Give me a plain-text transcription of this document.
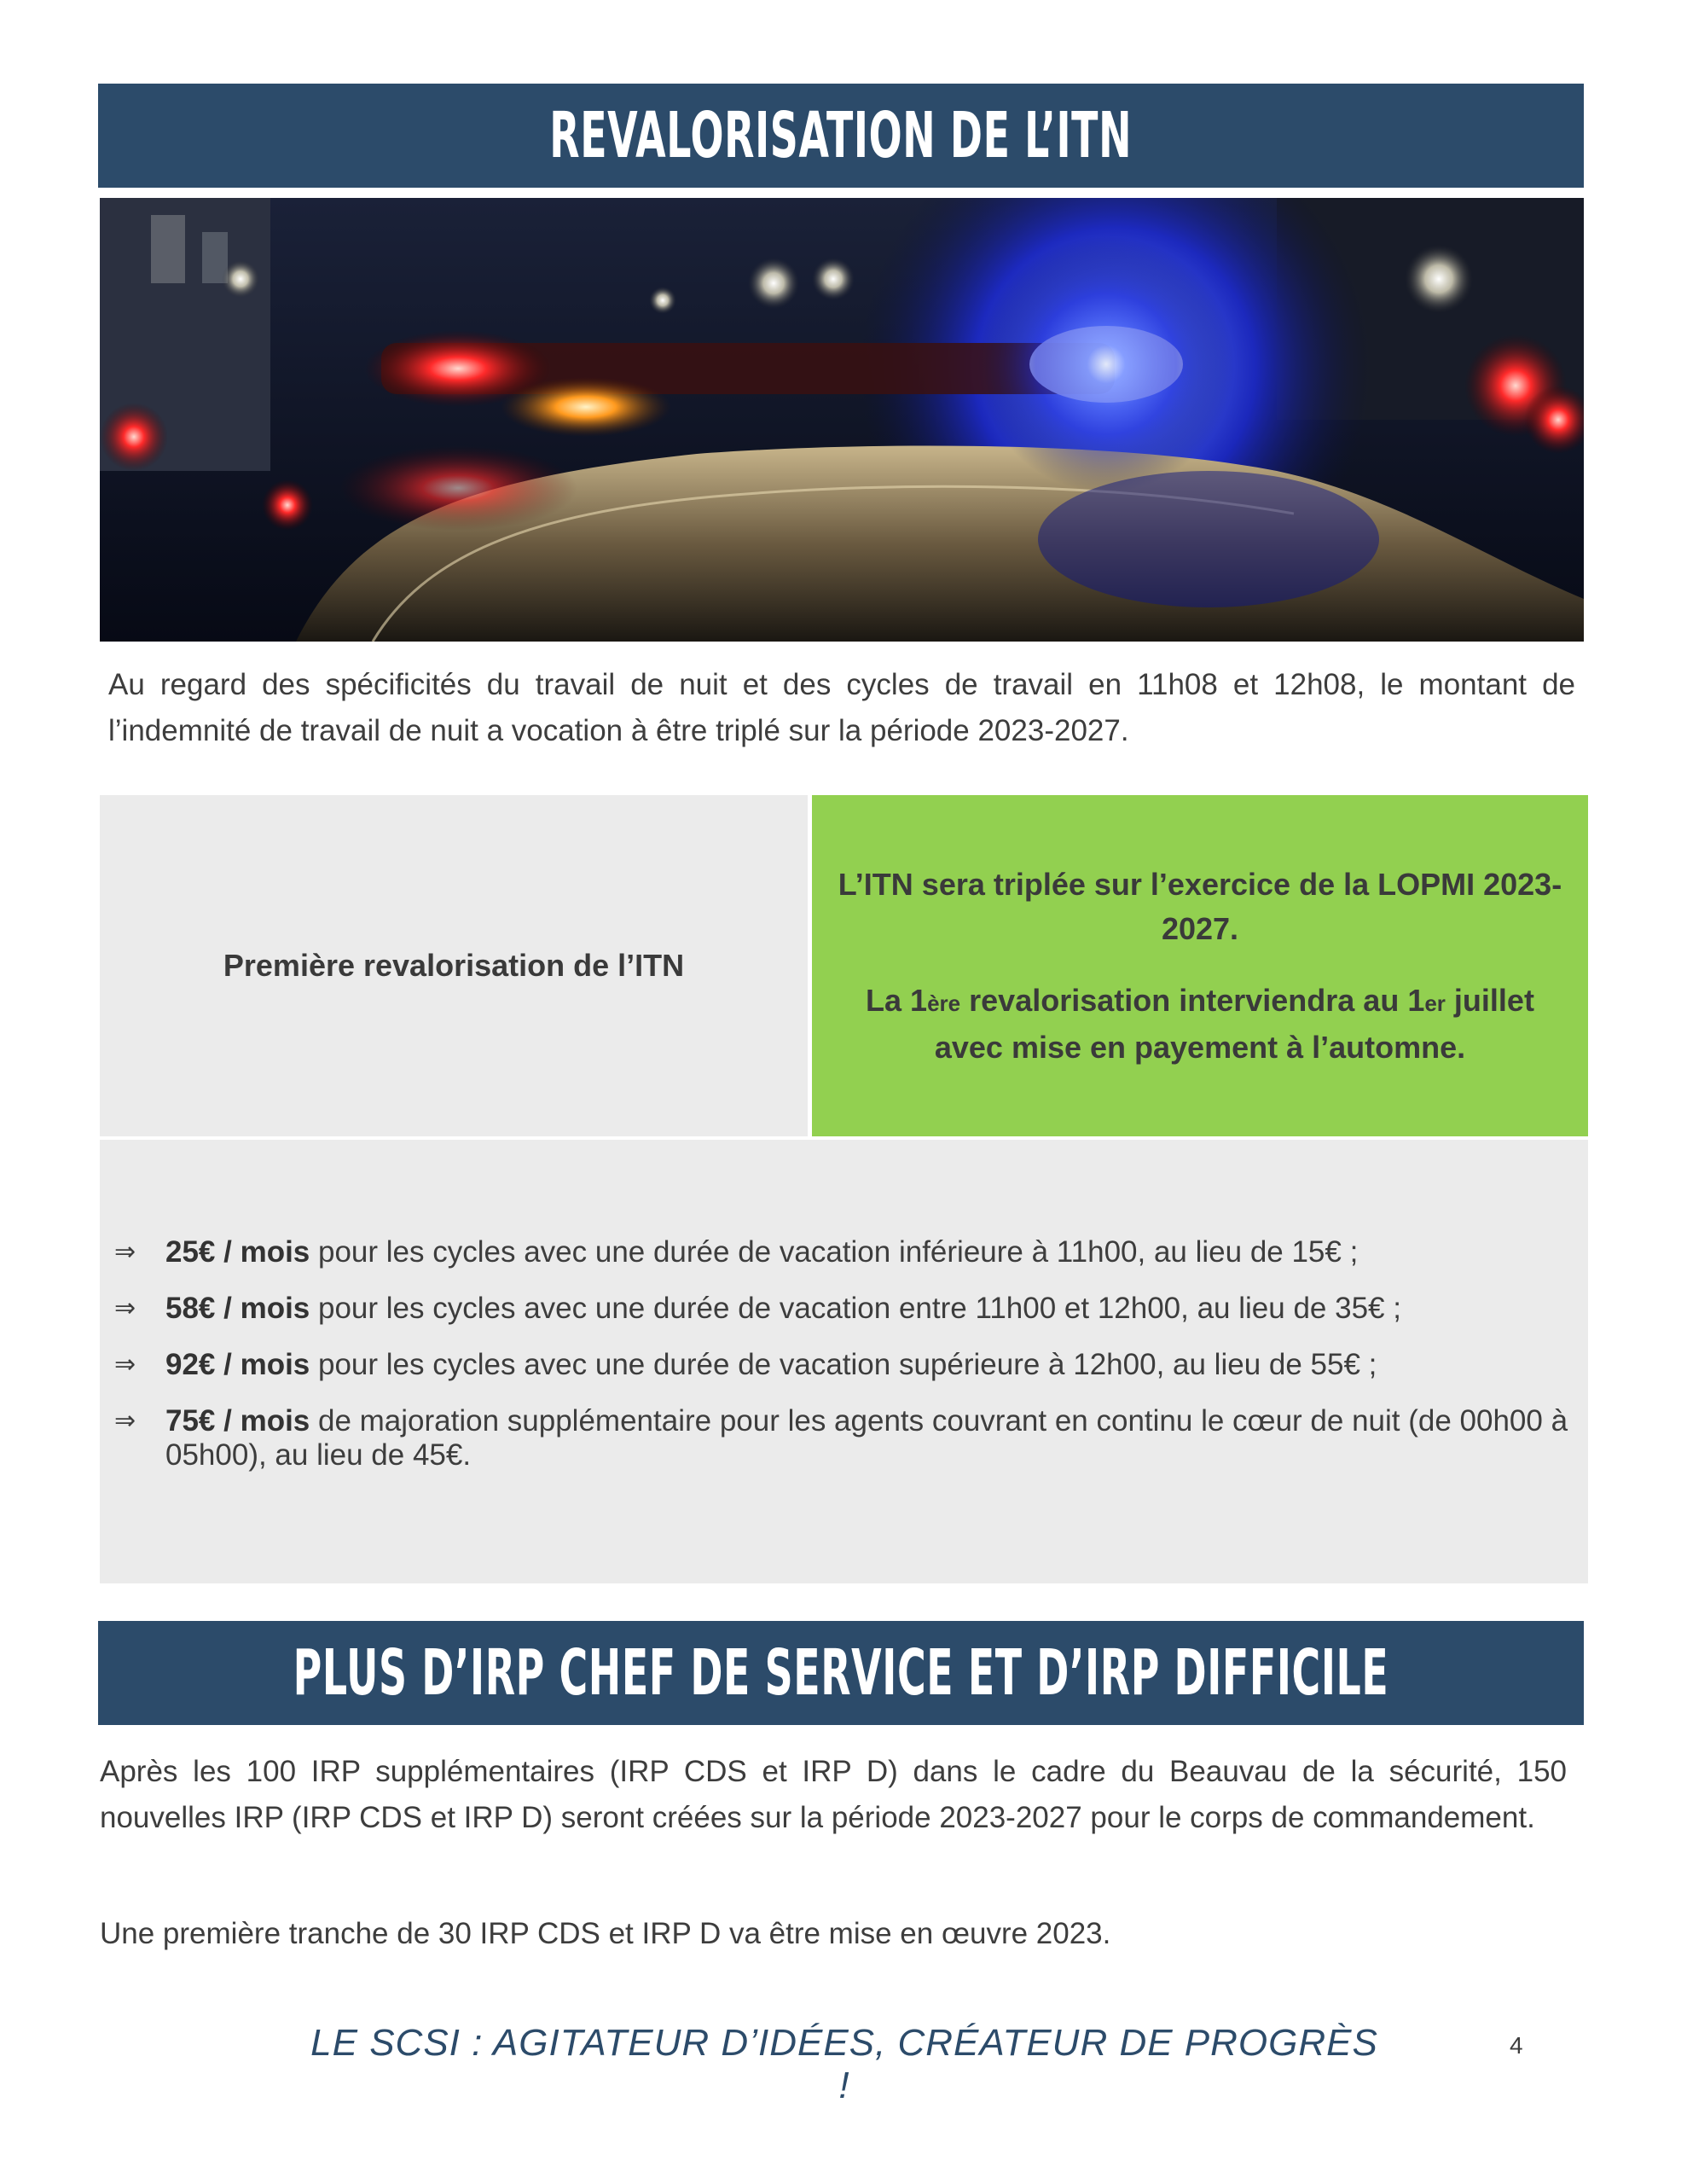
REVALORISATION DE L’ITN

Au regard des spécificités du travail de nuit et des cycles de travail en 11h08 et 12h08, le montant de l’indemnité de travail de nuit a vocation à être triplé sur la période 2023-2027.

Première revalorisation de l’ITN

L’ITN sera triplée sur l’exercice de la LOPMI 2023-2027.

La 1ère revalorisation interviendra au 1er juillet avec mise en payement à l’automne.

⇒ 25€ / mois pour les cycles avec une durée de vacation inférieure à 11h00, au lieu de 15€ ;
⇒ 58€ / mois pour les cycles avec une durée de vacation entre 11h00 et 12h00, au lieu de 35€ ;
⇒ 92€ / mois pour les cycles avec une durée de vacation supérieure à 12h00, au lieu de 55€ ;
⇒ 75€ / mois de majoration supplémentaire pour les agents couvrant en continu le cœur de nuit (de 00h00 à 05h00), au lieu de 45€.
PLUS D’IRP CHEF DE SERVICE ET D’IRP DIFFICILE

Après les 100 IRP supplémentaires (IRP CDS et IRP D) dans le cadre du Beauvau de la sécurité, 150 nouvelles IRP (IRP CDS et IRP D) seront créées sur la période 2023-2027 pour le corps de commandement.

Une première tranche de 30 IRP CDS et IRP D va être mise en œuvre 2023.

LE SCSI : AGITATEUR D’IDÉES, CRÉATEUR DE PROGRÈS !
4
